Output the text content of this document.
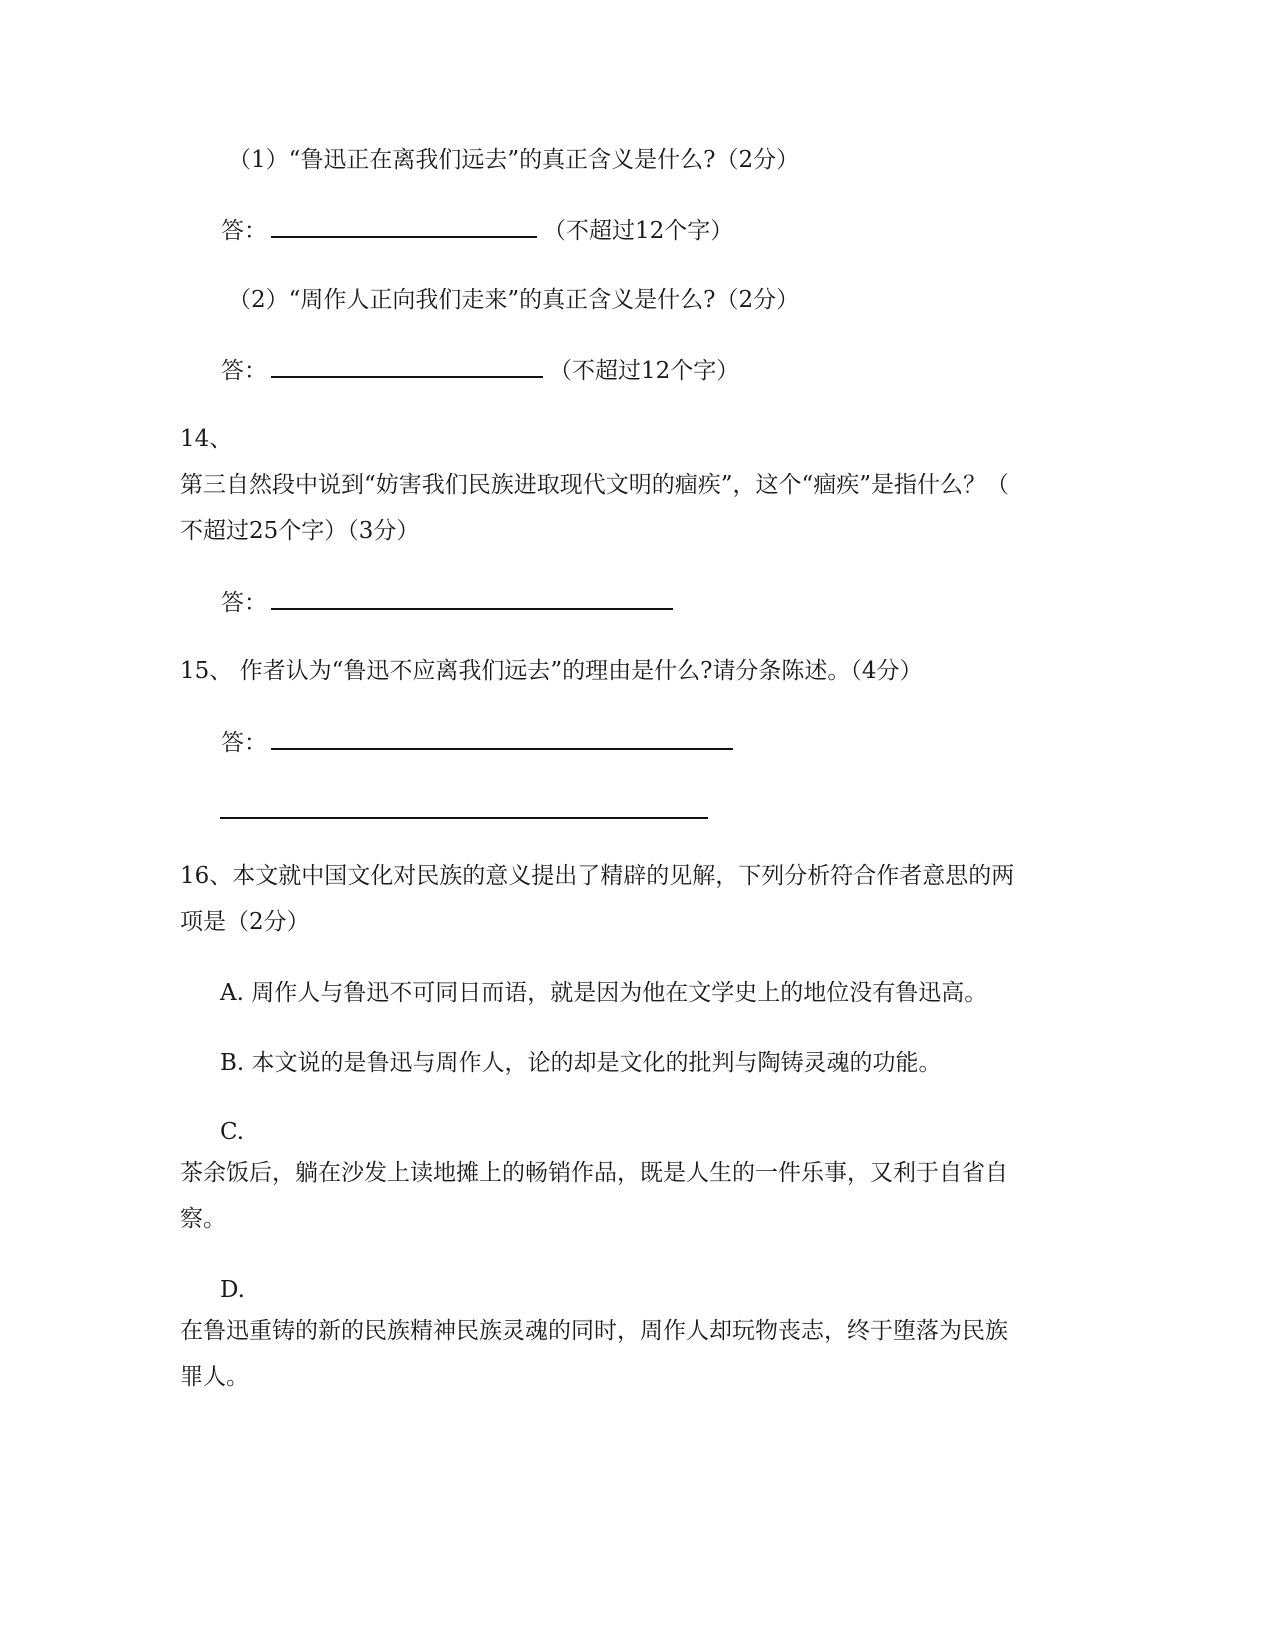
（1）“鲁迅正在离我们远去”的真正含义是什么?（2分）
答：	（不超过12个字）
（2）“周作人正向我们走来”的真正含义是什么?（2分）
答：	（不超过12个字）
14、
第三自然段中说到“妨害我们民族进取现代文明的痼疾”，这个“痼疾”是指什么？（
不超过25个字）（3分）
答：
15、 作者认为“鲁迅不应离我们远去”的理由是什么?请分条陈述。（4分）
答：
16、本文就中国文化对民族的意义提出了精辟的见解，下列分析符合作者意思的两
项是（2分）
A. 周作人与鲁迅不可同日而语，就是因为他在文学史上的地位没有鲁迅高。
B. 本文说的是鲁迅与周作人，论的却是文化的批判与陶铸灵魂的功能。
C.
茶余饭后，躺在沙发上读地摊上的畅销作品，既是人生的一件乐事，又利于自省自
察。
D.
在鲁迅重铸的新的民族精神民族灵魂的同时，周作人却玩物丧志，终于堕落为民族
罪人。
